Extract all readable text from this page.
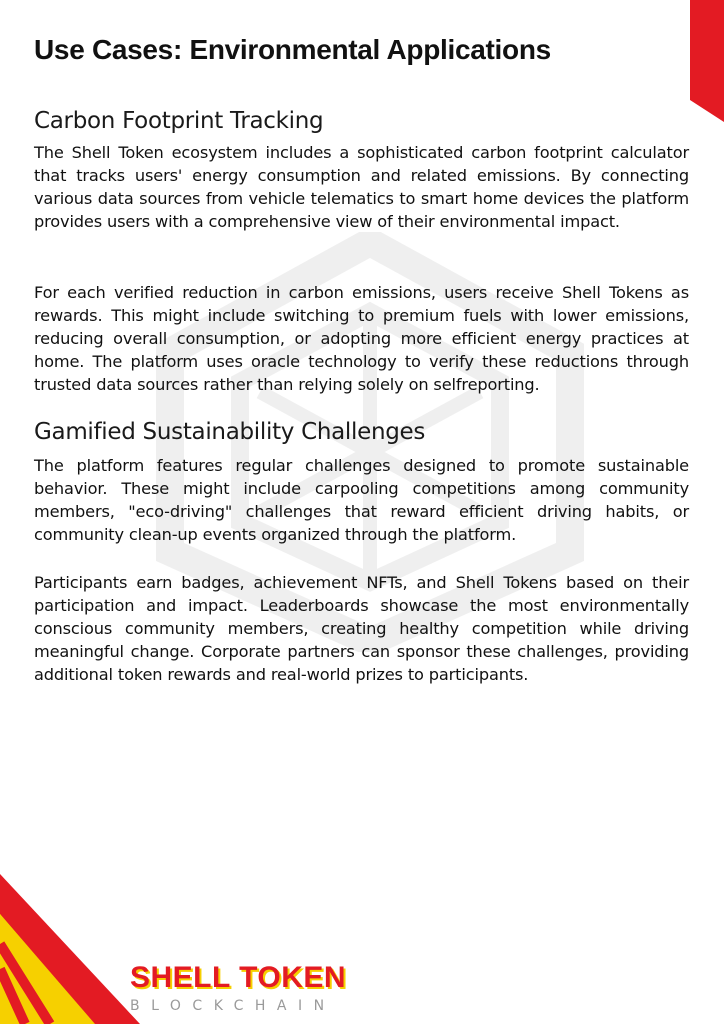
Use Cases: Environmental Applications
Carbon Footprint Tracking

The Shell Token ecosystem includes a sophisticated carbon footprint calculator that tracks users' energy consumption and related emissions. By connecting various data sources from vehicle telematics to smart home devices the platform provides users with a comprehensive view of their environmental impact.

For each verified reduction in carbon emissions, users receive Shell Tokens as rewards. This might include switching to premium fuels with lower emissions, reducing overall consumption, or adopting more efficient energy practices at home. The platform uses oracle technology to verify these reductions through trusted data sources rather than relying solely on selfreporting.

Gamified Sustainability Challenges

The platform features regular challenges designed to promote sustainable behavior. These might include carpooling competitions among community members, "eco-driving" challenges that reward efficient driving habits, or community clean-up events organized through the platform.

Participants earn badges, achievement NFTs, and Shell Tokens based on their participation and impact. Leaderboards showcase the most environmentally conscious community members, creating healthy competition while driving meaningful change. Corporate partners can sponsor these challenges, providing additional token rewards and real-world prizes to participants.

SHELL TOKEN
BLOCKCHAIN
